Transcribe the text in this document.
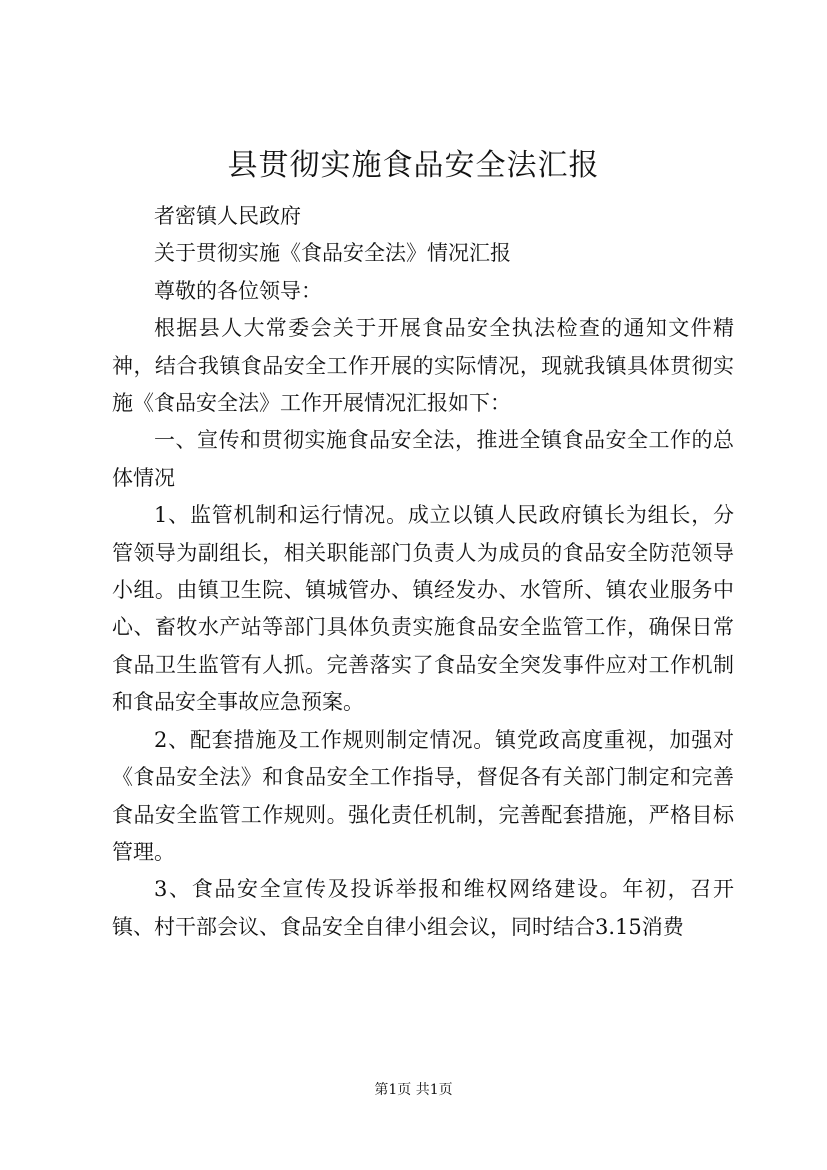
县贯彻实施食品安全法汇报

者密镇人民政府

关于贯彻实施《食品安全法》情况汇报

尊敬的各位领导：

根据县人大常委会关于开展食品安全执法检查的通知文件精神，结合我镇食品安全工作开展的实际情况，现就我镇具体贯彻实施《食品安全法》工作开展情况汇报如下：

一、宣传和贯彻实施食品安全法，推进全镇食品安全工作的总体情况

1、监管机制和运行情况。成立以镇人民政府镇长为组长，分管领导为副组长，相关职能部门负责人为成员的食品安全防范领导小组。由镇卫生院、镇城管办、镇经发办、水管所、镇农业服务中心、畜牧水产站等部门具体负责实施食品安全监管工作，确保日常食品卫生监管有人抓。完善落实了食品安全突发事件应对工作机制和食品安全事故应急预案。

2、配套措施及工作规则制定情况。镇党政高度重视，加强对《食品安全法》和食品安全工作指导，督促各有关部门制定和完善食品安全监管工作规则。强化责任机制，完善配套措施，严格目标管理。

3、食品安全宣传及投诉举报和维权网络建设。年初，召开镇、村干部会议、食品安全自律小组会议，同时结合3.15消费

第1页 共1页
